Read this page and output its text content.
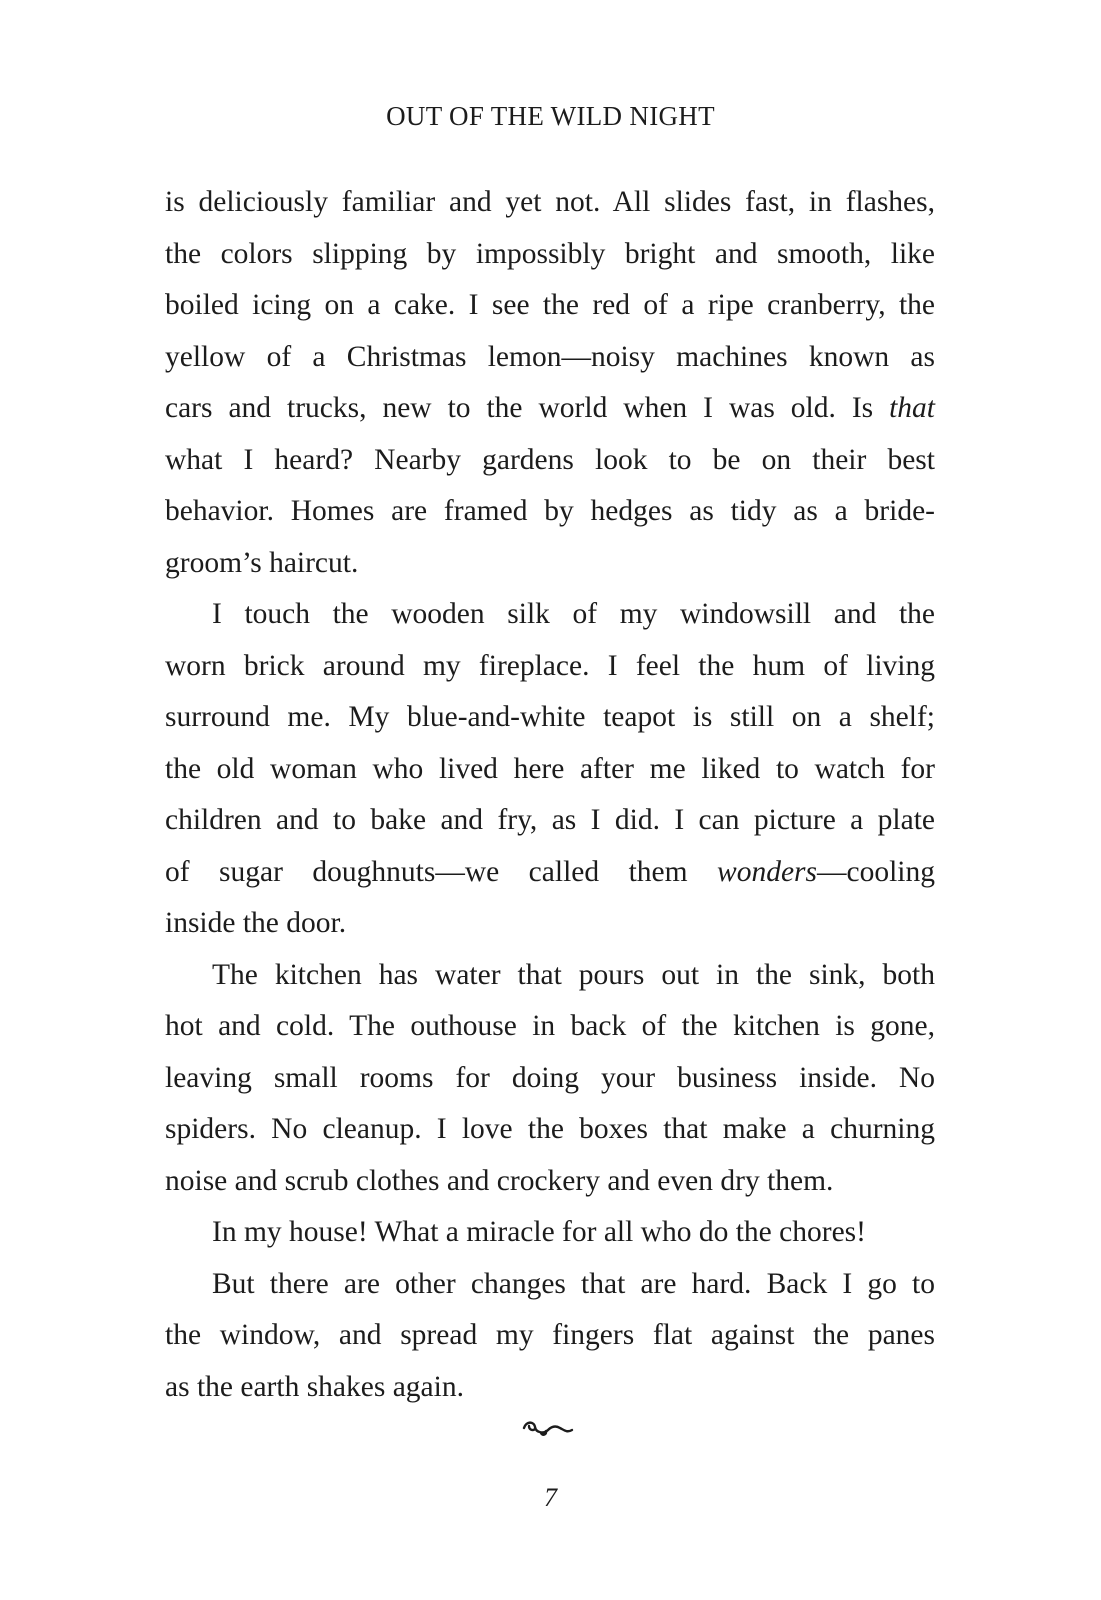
OUT OF THE WILD NIGHT

is deliciously familiar and yet not. All slides fast, in flashes,
the colors slipping by impossibly bright and smooth, like
boiled icing on a cake. I see the red of a ripe cranberry, the
yellow of a Christmas lemon—noisy machines known as
cars and trucks, new to the world when I was old. Is that
what I heard? Nearby gardens look to be on their best
behavior. Homes are framed by hedges as tidy as a bride-
groom’s haircut.

I touch the wooden silk of my windowsill and the
worn brick around my fireplace. I feel the hum of living
surround me. My blue-and-white teapot is still on a shelf;
the old woman who lived here after me liked to watch for
children and to bake and fry, as I did. I can picture a plate
of sugar doughnuts—we called them wonders—cooling
inside the door.

The kitchen has water that pours out in the sink, both
hot and cold. The outhouse in back of the kitchen is gone,
leaving small rooms for doing your business inside. No
spiders. No cleanup. I love the boxes that make a churning
noise and scrub clothes and crockery and even dry them.

In my house! What a miracle for all who do the chores!

But there are other changes that are hard. Back I go to
the window, and spread my fingers flat against the panes
as the earth shakes again.

7
